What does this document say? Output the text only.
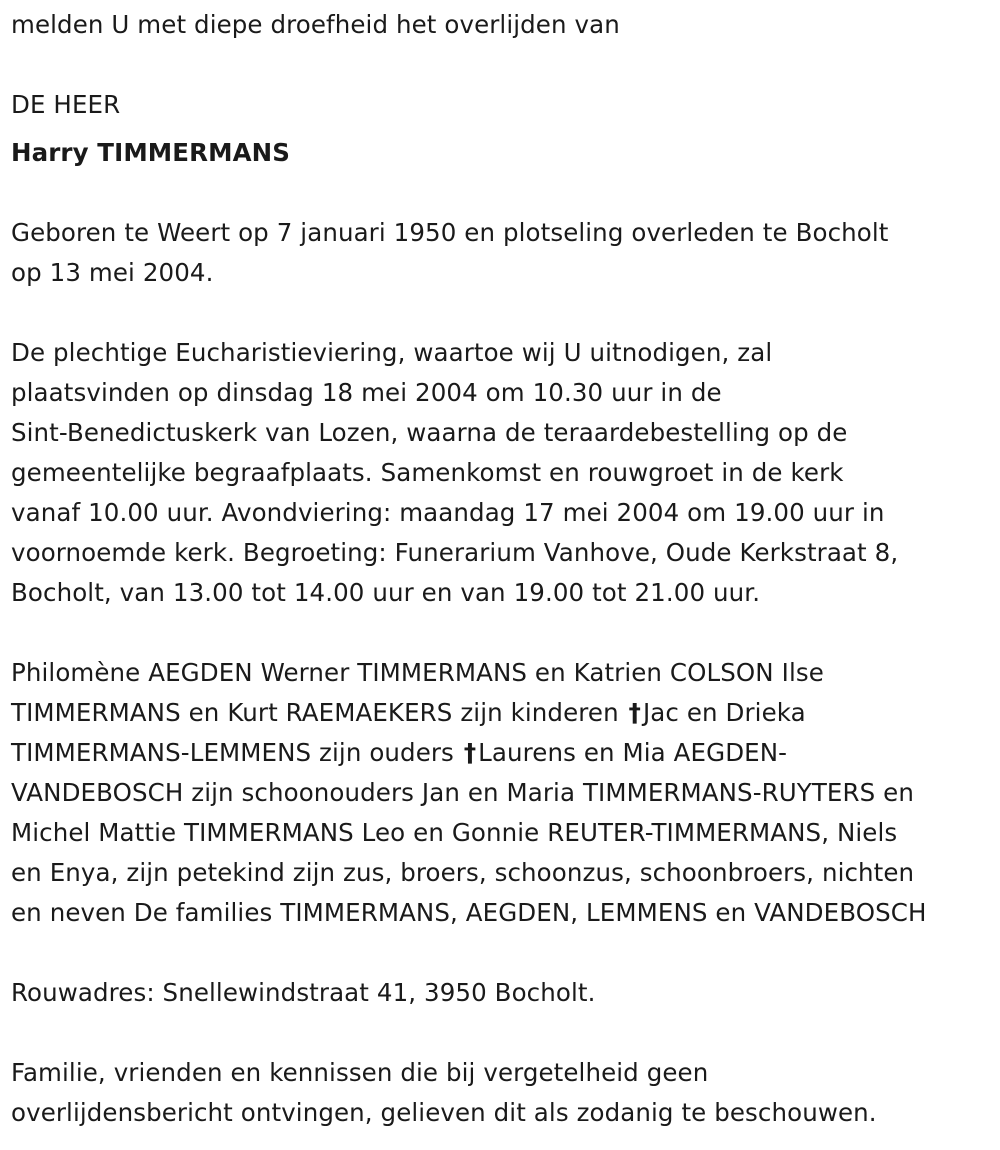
melden U met diepe droefheid het overlijden van
DE HEER
Harry TIMMERMANS
Geboren te Weert op 7 januari 1950 en plotseling overleden te Bocholt
op 13 mei 2004.
De plechtige Eucharistieviering, waartoe wij U uitnodigen, zal
plaatsvinden op dinsdag 18 mei 2004 om 10.30 uur in de
Sint-Benedictuskerk van Lozen, waarna de teraardebestelling op de
gemeentelijke begraafplaats. Samenkomst en rouwgroet in de kerk
vanaf 10.00 uur. Avondviering: maandag 17 mei 2004 om 19.00 uur in
voornoemde kerk. Begroeting: Funerarium Vanhove, Oude Kerkstraat 8,
Bocholt, van 13.00 tot 14.00 uur en van 19.00 tot 21.00 uur.
Philomène AEGDEN Werner TIMMERMANS en Katrien COLSON Ilse
TIMMERMANS en Kurt RAEMAEKERS zijn kinderen †Jac en Drieka
TIMMERMANS-LEMMENS zijn ouders †Laurens en Mia AEGDEN-
VANDEBOSCH zijn schoonouders Jan en Maria TIMMERMANS-RUYTERS en
Michel Mattie TIMMERMANS Leo en Gonnie REUTER-TIMMERMANS, Niels
en Enya, zijn petekind zijn zus, broers, schoonzus, schoonbroers, nichten
en neven De families TIMMERMANS, AEGDEN, LEMMENS en VANDEBOSCH
Rouwadres: Snellewindstraat 41, 3950 Bocholt.
Familie, vrienden en kennissen die bij vergetelheid geen
overlijdensbericht ontvingen, gelieven dit als zodanig te beschouwen.
